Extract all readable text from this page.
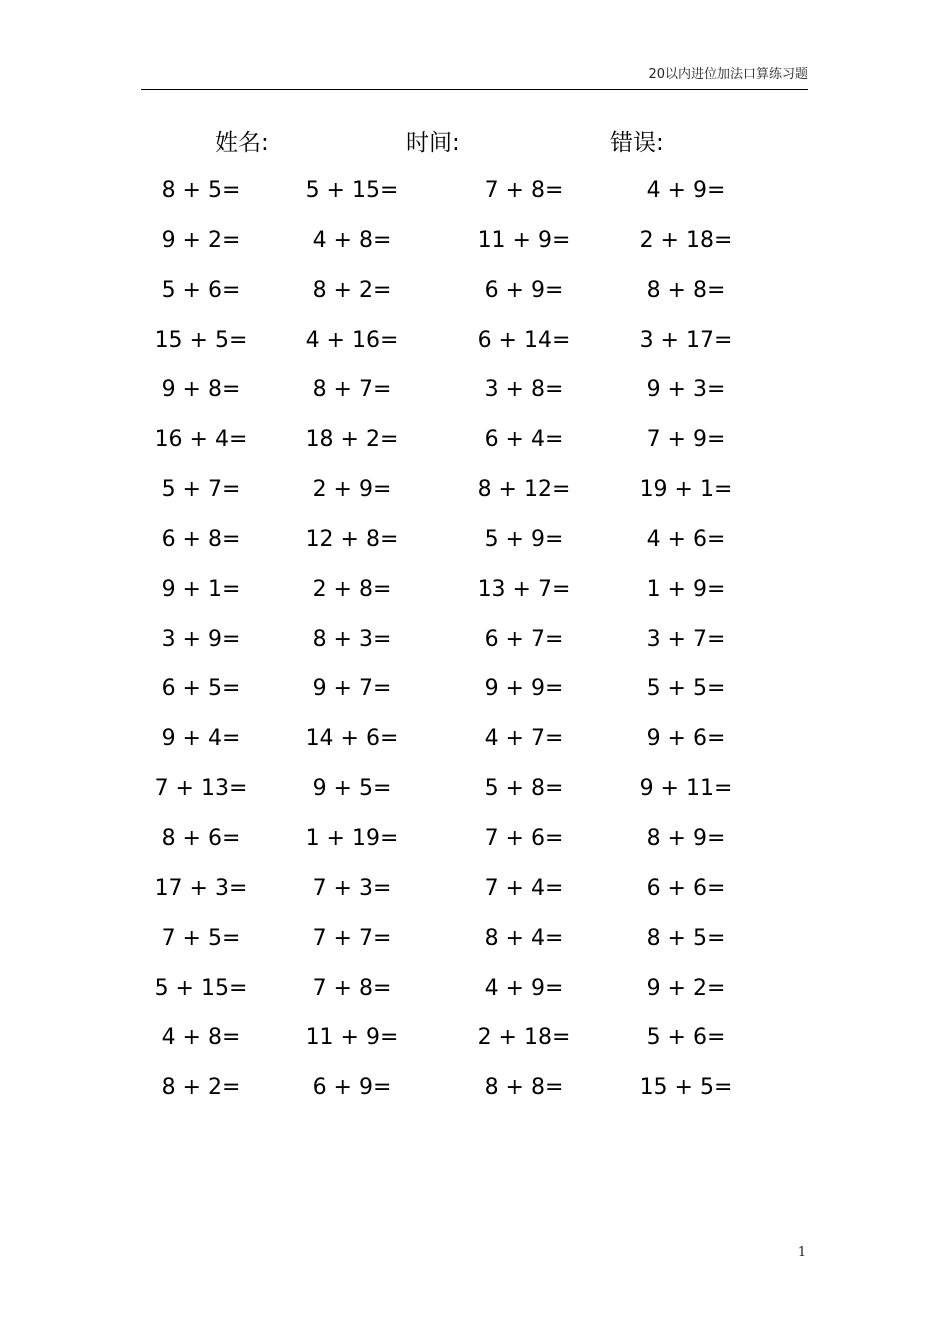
20以内进位加法口算练习题
姓名:	时间:	错误:
8 + 5=	5 + 15=	7 + 8=	4 + 9=
9 + 2=	4 + 8=	11 + 9=	2 + 18=
5 + 6=	8 + 2=	6 + 9=	8 + 8=
15 + 5=	4 + 16=	6 + 14=	3 + 17=
9 + 8=	8 + 7=	3 + 8=	9 + 3=
16 + 4=	18 + 2=	6 + 4=	7 + 9=
5 + 7=	2 + 9=	8 + 12=	19 + 1=
6 + 8=	12 + 8=	5 + 9=	4 + 6=
9 + 1=	2 + 8=	13 + 7=	1 + 9=
3 + 9=	8 + 3=	6 + 7=	3 + 7=
6 + 5=	9 + 7=	9 + 9=	5 + 5=
9 + 4=	14 + 6=	4 + 7=	9 + 6=
7 + 13=	9 + 5=	5 + 8=	9 + 11=
8 + 6=	1 + 19=	7 + 6=	8 + 9=
17 + 3=	7 + 3=	7 + 4=	6 + 6=
7 + 5=	7 + 7=	8 + 4=	8 + 5=
5 + 15=	7 + 8=	4 + 9=	9 + 2=
4 + 8=	11 + 9=	2 + 18=	5 + 6=
8 + 2=	6 + 9=	8 + 8=	15 + 5=
1
